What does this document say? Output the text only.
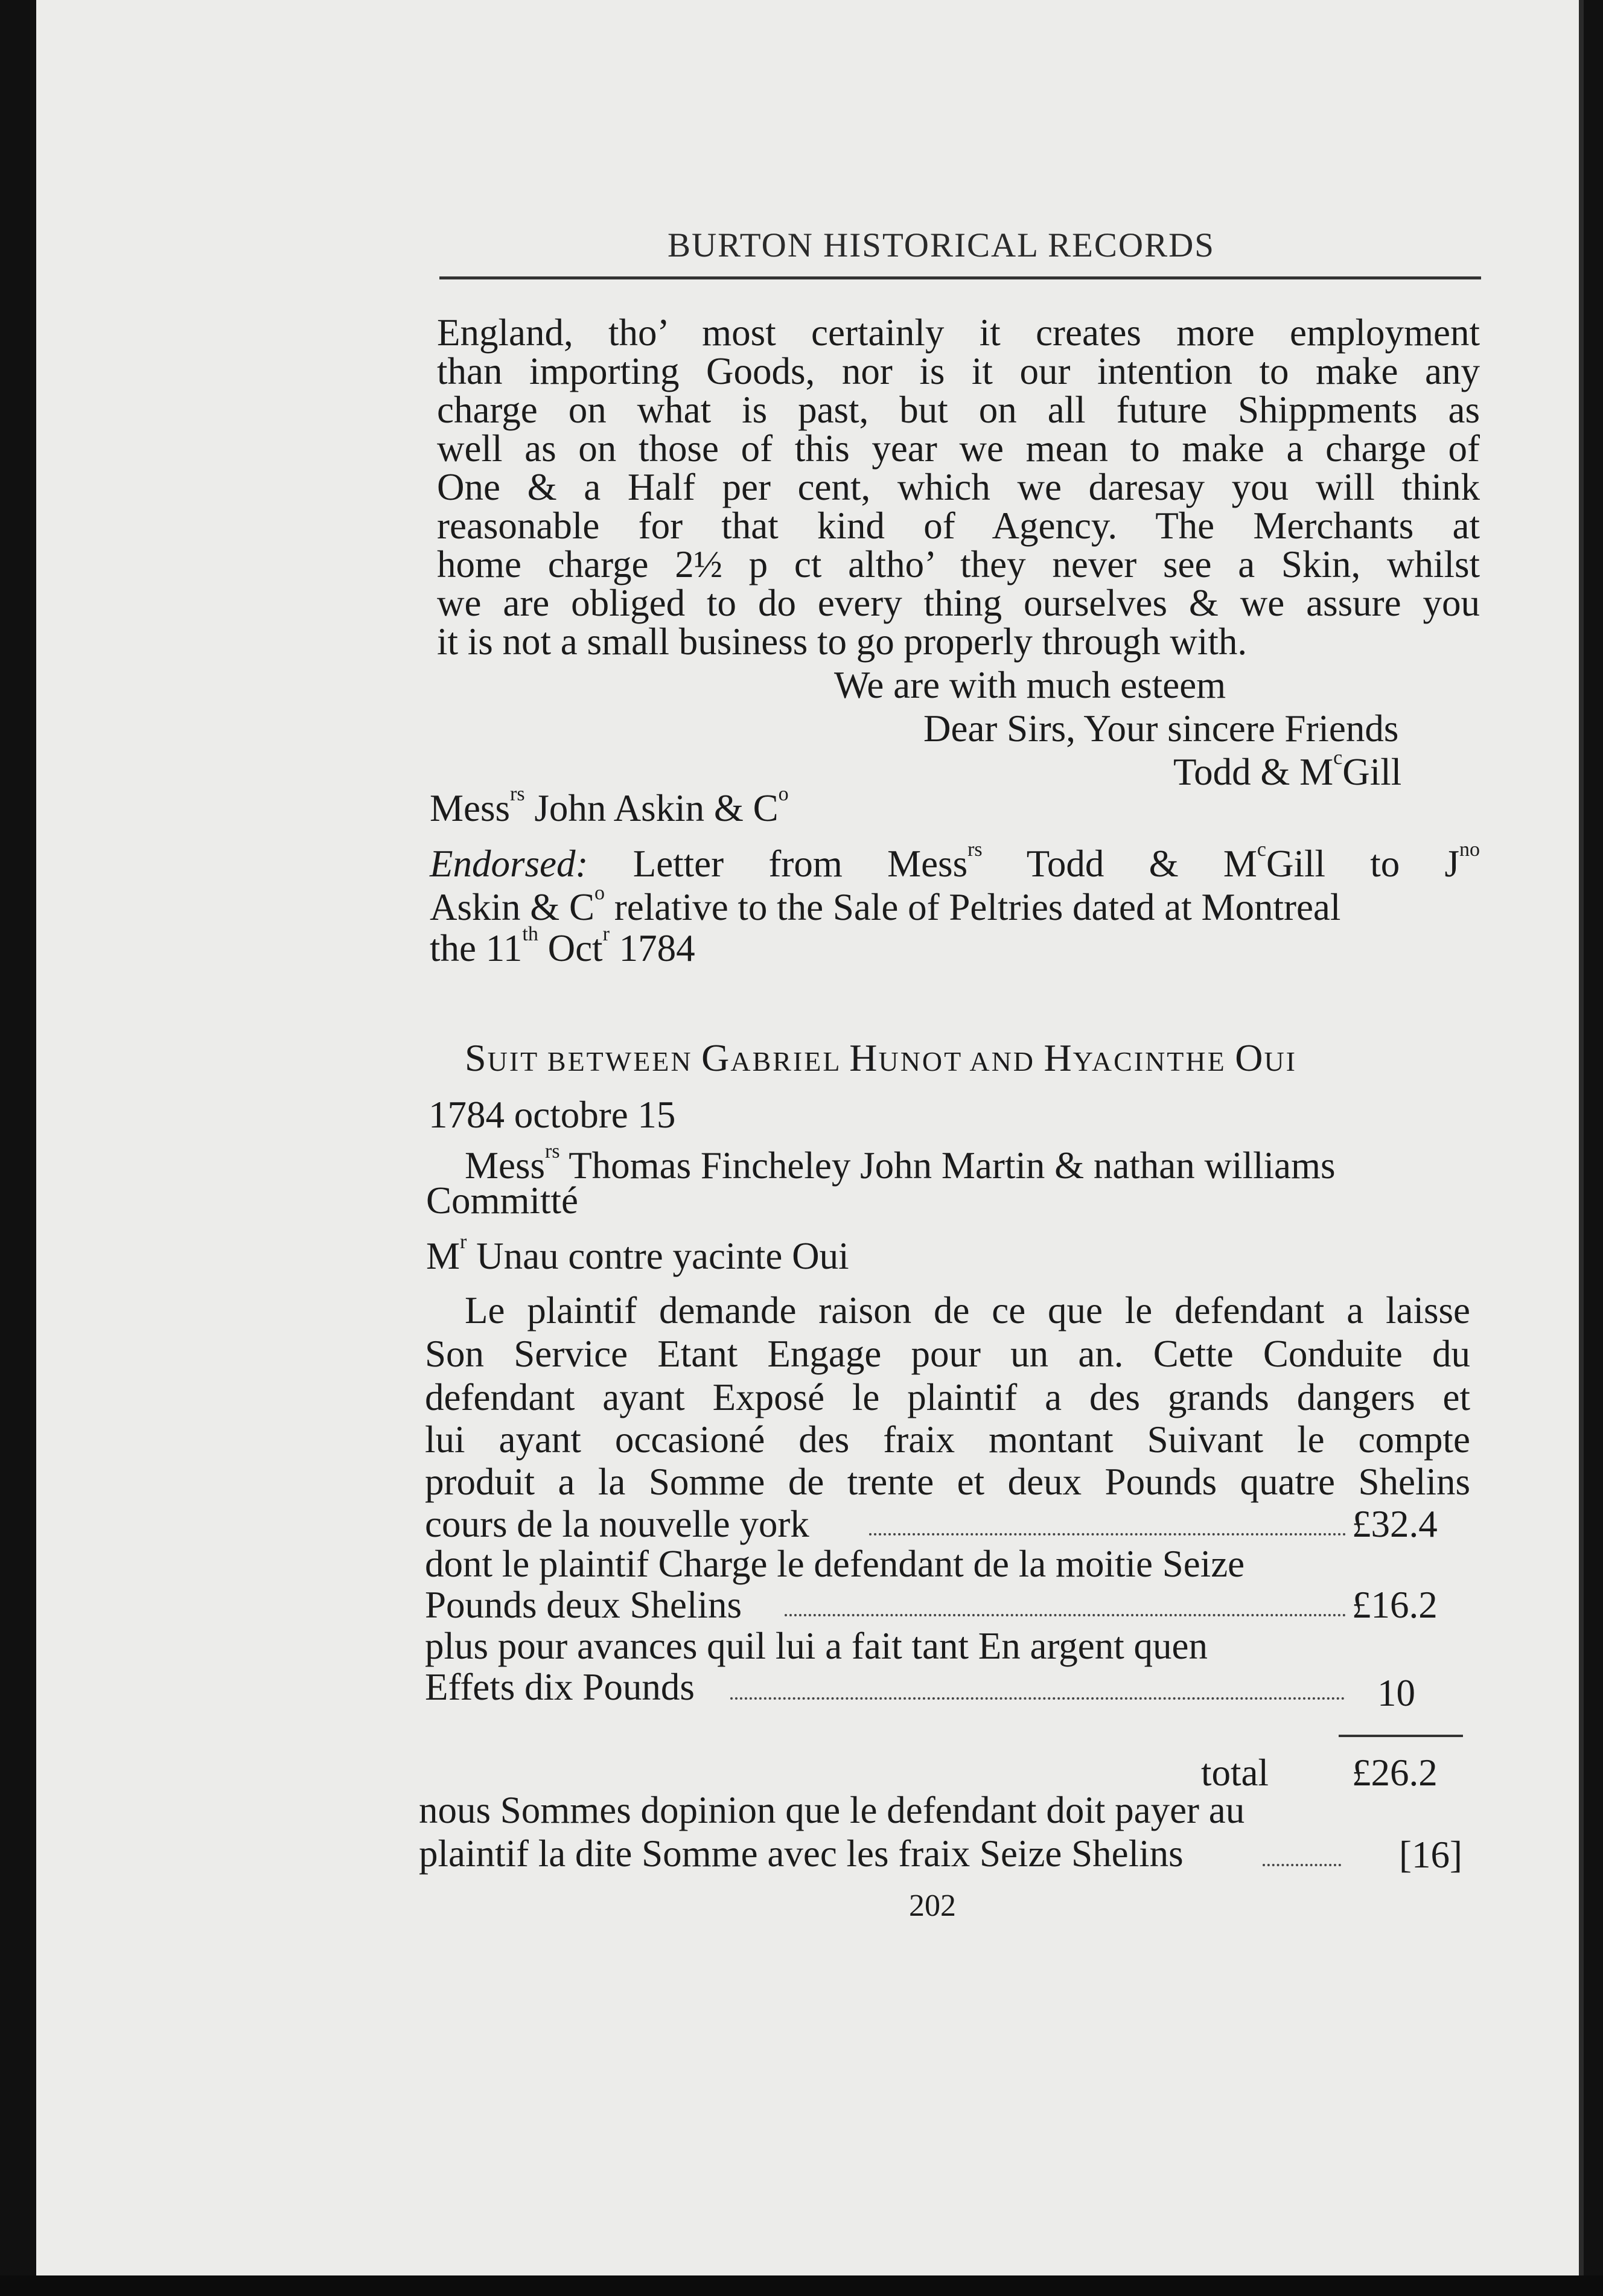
BURTON HISTORICAL RECORDS
England, tho’ most certainly it creates more employment
than importing Goods, nor is it our intention to make any
charge on what is past, but on all future Shippments as
well as on those of this year we mean to make a charge of
One & a Half per cent, which we daresay you will think
reasonable for that kind of Agency. The Merchants at
home charge 2½ p ct altho’ they never see a Skin, whilst
we are obliged to do every thing ourselves & we assure you
it is not a small business to go properly through with.
We are with much esteem
Dear Sirs, Your sincere Friends
Todd & $M^cGill$
Mess$^{rs}$ John Askin & $C^o$
Endorsed: Letter from Mess$^{rs}$ Todd & $M^cGill$ to $J^{no}$
Askin & $C^o$ relative to the Sale of Peltries dated at Montreal
the 11th Oct$^r$ 1784
SUIT BETWEEN GABRIEL HUNOT AND HYACINTHE OUI
1784 octobre 15
Mess$^{rs}$ Thomas Fincheley John Martin & nathan williams
Committé
$M^r$ Unau contre yacinte Oui
Le plaintif demande raison de ce que le defendant a laisse
Son Service Etant Engage pour un an. Cette Conduite du
defendant ayant Exposé le plaintif a des grands dangers et
lui ayant occasioné des fraix montant Suivant le compte
produit a la Somme de trente et deux Pounds quatre Shelins
cours de la nouvelle york	£32.4
dont le plaintif Charge le defendant de la moitie Seize
Pounds deux Shelins	£16.2
plus pour avances quil lui a fait tant En argent quen
Effets dix Pounds	10
total £26.2
nous Sommes dopinion que le defendant doit payer au
plaintif la dite Somme avec les fraix Seize Shelins	[16]
202
